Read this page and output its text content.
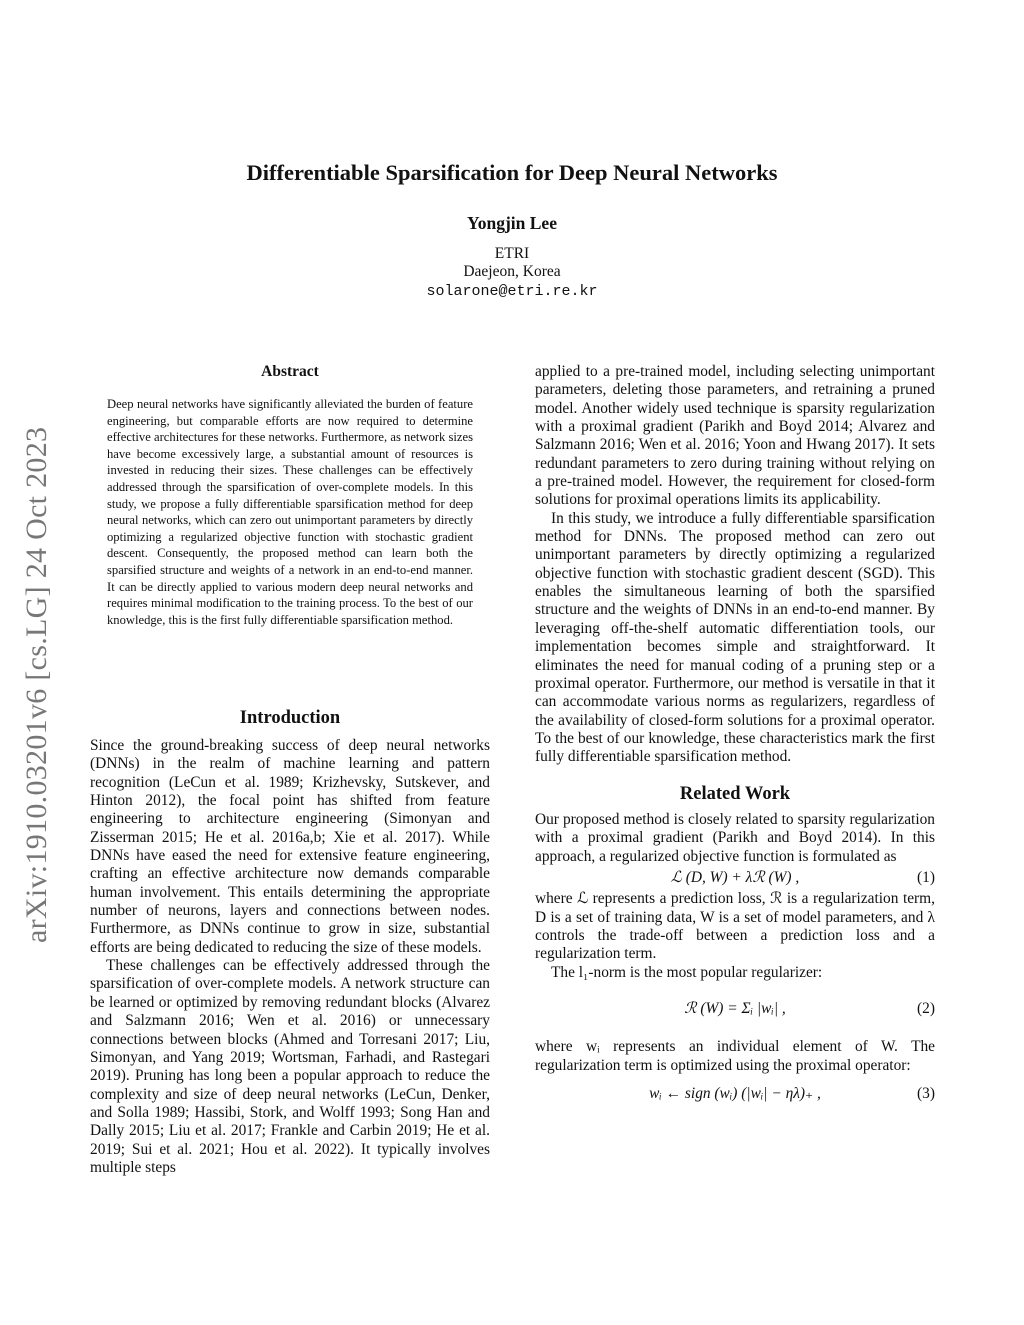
Differentiable Sparsification for Deep Neural Networks
Yongjin Lee
ETRI
Daejeon, Korea
solarone@etri.re.kr
arXiv:1910.03201v6 [cs.LG] 24 Oct 2023
Abstract
Deep neural networks have significantly alleviated the burden of feature engineering, but comparable efforts are now required to determine effective architectures for these networks. Furthermore, as network sizes have become excessively large, a substantial amount of resources is invested in reducing their sizes. These challenges can be effectively addressed through the sparsification of over-complete models. In this study, we propose a fully differentiable sparsification method for deep neural networks, which can zero out unimportant parameters by directly optimizing a regularized objective function with stochastic gradient descent. Consequently, the proposed method can learn both the sparsified structure and weights of a network in an end-to-end manner. It can be directly applied to various modern deep neural networks and requires minimal modification to the training process. To the best of our knowledge, this is the first fully differentiable sparsification method.
Introduction

Since the ground-breaking success of deep neural networks (DNNs) in the realm of machine learning and pattern recognition (LeCun et al. 1989; Krizhevsky, Sutskever, and Hinton 2012), the focal point has shifted from feature engineering to architecture engineering (Simonyan and Zisserman 2015; He et al. 2016a,b; Xie et al. 2017). While DNNs have eased the need for extensive feature engineering, crafting an effective architecture now demands comparable human involvement. This entails determining the appropriate number of neurons, layers and connections between nodes. Furthermore, as DNNs continue to grow in size, substantial efforts are being dedicated to reducing the size of these models.

These challenges can be effectively addressed through the sparsification of over-complete models. A network structure can be learned or optimized by removing redundant blocks (Alvarez and Salzmann 2016; Wen et al. 2016) or unnecessary connections between blocks (Ahmed and Torresani 2017; Liu, Simonyan, and Yang 2019; Wortsman, Farhadi, and Rastegari 2019). Pruning has long been a popular approach to reduce the complexity and size of deep neural networks (LeCun, Denker, and Solla 1989; Hassibi, Stork, and Wolff 1993; Song Han and Dally 2015; Liu et al. 2017; Frankle and Carbin 2019; He et al. 2019; Sui et al. 2021; Hou et al. 2022). It typically involves multiple steps

applied to a pre-trained model, including selecting unimportant parameters, deleting those parameters, and retraining a pruned model. Another widely used technique is sparsity regularization with a proximal gradient (Parikh and Boyd 2014; Alvarez and Salzmann 2016; Wen et al. 2016; Yoon and Hwang 2017). It sets redundant parameters to zero during training without relying on a pre-trained model. However, the requirement for closed-form solutions for proximal operations limits its applicability.

In this study, we introduce a fully differentiable sparsification method for DNNs. The proposed method can zero out unimportant parameters by directly optimizing a regularized objective function with stochastic gradient descent (SGD). This enables the simultaneous learning of both the sparsified structure and the weights of DNNs in an end-to-end manner. By leveraging off-the-shelf automatic differentiation tools, our implementation becomes simple and straightforward. It eliminates the need for manual coding of a pruning step or a proximal operator. Furthermore, our method is versatile in that it can accommodate various norms as regularizers, regardless of the availability of closed-form solutions for a proximal operator. To the best of our knowledge, these characteristics mark the first fully differentiable sparsification method.

Related Work

Our proposed method is closely related to sparsity regularization with a proximal gradient (Parikh and Boyd 2014). In this approach, a regularized objective function is formulated as

ℒ (D, W) + λℛ (W) ,	(1)

where ℒ represents a prediction loss, ℛ is a regularization term, D is a set of training data, W is a set of model parameters, and λ controls the trade-off between a prediction loss and a regularization term.

The l₁-norm is the most popular regularizer:

ℛ (W) = Σᵢ |wᵢ| ,	(2)

where wᵢ represents an individual element of W. The regularization term is optimized using the proximal operator:

wᵢ ← sign (wᵢ) (|wᵢ| − ηλ)₊ ,	(3)
